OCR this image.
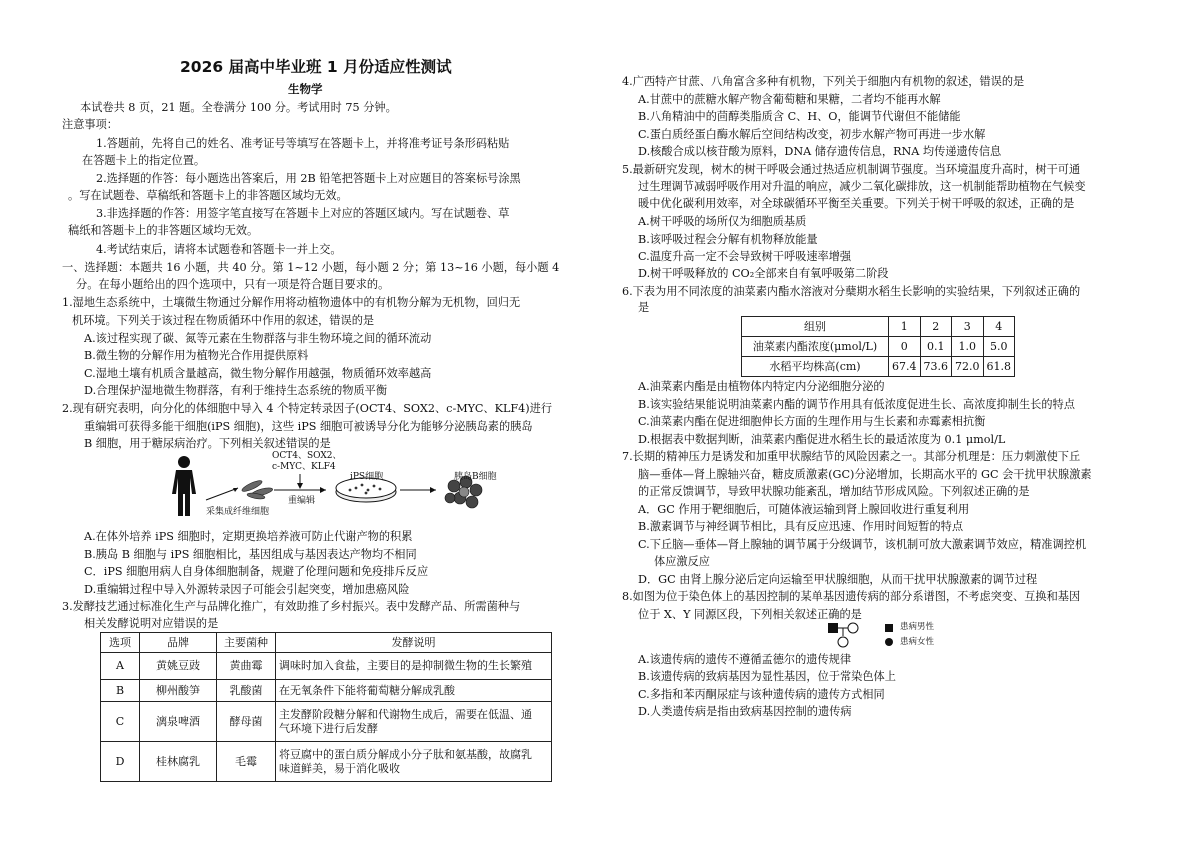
2026 届高中毕业班 1 月份适应性测试
生物学
本试卷共 8 页，21 题。全卷满分 100 分。考试用时 75 分钟。
注意事项：
1.答题前，先将自己的姓名、准考证号等填写在答题卡上，并将准考证号条形码粘贴
在答题卡上的指定位置。
2.选择题的作答：每小题选出答案后，用 2B 铅笔把答题卡上对应题目的答案标号涂黑
。写在试题卷、草稿纸和答题卡上的非答题区域均无效。
3.非选择题的作答：用签字笔直接写在答题卡上对应的答题区域内。写在试题卷、草
稿纸和答题卡上的非答题区域均无效。
4.考试结束后，请将本试题卷和答题卡一并上交。
一、选择题：本题共 16 小题，共 40 分。第 1~12 小题，每小题 2 分；第 13~16 小题，每小题 4
分。在每小题给出的四个选项中，只有一项是符合题目要求的。
1.湿地生态系统中，土壤微生物通过分解作用将动植物遗体中的有机物分解为无机物，回归无
机环境。下列关于该过程在物质循环中作用的叙述，错误的是
A.该过程实现了碳、氮等元素在生物群落与非生物环境之间的循环流动
B.微生物的分解作用为植物光合作用提供原料
C.湿地土壤有机质含量越高，微生物分解作用越强，物质循环效率越高
D.合理保护湿地微生物群落，有利于维持生态系统的物质平衡
2.现有研究表明，向分化的体细胞中导入 4 个特定转录因子(OCT4、SOX2、c-MYC、KLF4)进行
重编辑可获得多能干细胞(iPS 细胞)，这些 iPS 细胞可被诱导分化为能够分泌胰岛素的胰岛
B 细胞，用于糖尿病治疗。下列相关叙述错误的是
OCT4、SOX2、
c-MYC、KLF4
采集成纤维细胞
重编辑
iPS细胞	胰岛B细胞
A.在体外培养 iPS 细胞时，定期更换培养液可防止代谢产物的积累
B.胰岛 B 细胞与 iPS 细胞相比，基因组成与基因表达产物均不相同
C．iPS 细胞用病人自身体细胞制备，规避了伦理问题和免疫排斥反应
D.重编辑过程中导入外源转录因子可能会引起突变，增加患癌风险
3.发酵技艺通过标准化生产与品牌化推广，有效助推了乡村振兴。表中发酵产品、所需菌种与
相关发酵说明对应错误的是
选项	品牌	主要菌种	发酵说明
A	黄姚豆豉	黄曲霉	调味时加入食盐，主要目的是抑制微生物的生长繁殖
B	柳州酸笋	乳酸菌	在无氧条件下能将葡萄糖分解成乳酸
C	漓泉啤酒	酵母菌	主发酵阶段糖分解和代谢物生成后，需要在低温、通
气环境下进行后发酵

D	桂林腐乳	毛霉	将豆腐中的蛋白质分解成小分子肽和氨基酸，故腐乳
味道鲜美，易于消化吸收
4.广西特产甘蔗、八角富含多种有机物，下列关于细胞内有机物的叙述，错误的是
A.甘蔗中的蔗糖水解产物含葡萄糖和果糖，二者均不能再水解
B.八角精油中的茴醇类脂质含 C、H、O，能调节代谢但不能储能
C.蛋白质经蛋白酶水解后空间结构改变，初步水解产物可再进一步水解
D.核酸合成以核苷酸为原料，DNA 储存遗传信息，RNA 均传递遗传信息
5.最新研究发现，树木的树干呼吸会通过热适应机制调节强度。当环境温度升高时，树干可通
过生理调节减弱呼吸作用对升温的响应，减少二氧化碳排放，这一机制能帮助植物在气候变
暖中优化碳利用效率，对全球碳循环平衡至关重要。下列关于树干呼吸的叙述，正确的是
A.树干呼吸的场所仅为细胞质基质
B.该呼吸过程会分解有机物释放能量
C.温度升高一定不会导致树干呼吸速率增强
D.树干呼吸释放的 CO₂全部来自有氧呼吸第二阶段
6.下表为用不同浓度的油菜素内酯水溶液对分蘖期水稻生长影响的实验结果，下列叙述正确的
是
组别	1	2	3	4
油菜素内酯浓度(μmol/L)	0	0.1	1.0	5.0
水稻平均株高(cm)	67.4	73.6	72.0	61.8
A.油菜素内酯是由植物体内特定内分泌细胞分泌的
B.该实验结果能说明油菜素内酯的调节作用具有低浓度促进生长、高浓度抑制生长的特点
C.油菜素内酯在促进细胞伸长方面的生理作用与生长素和赤霉素相抗衡
D.根据表中数据判断，油菜素内酯促进水稻生长的最适浓度为 0.1 μmol/L
7.长期的精神压力是诱发和加重甲状腺结节的风险因素之一。其部分机理是：压力刺激使下丘
脑—垂体—肾上腺轴兴奋，糖皮质激素(GC)分泌增加，长期高水平的 GC 会干扰甲状腺激素
的正常反馈调节，导致甲状腺功能紊乱，增加结节形成风险。下列叙述正确的是
A．GC 作用于靶细胞后，可随体液运输到肾上腺回收进行重复利用
B.激素调节与神经调节相比，具有反应迅速、作用时间短暂的特点
C.下丘脑—垂体—肾上腺轴的调节属于分级调节，该机制可放大激素调节效应，精准调控机
体应激反应
D．GC 由肾上腺分泌后定向运输至甲状腺细胞，从而干扰甲状腺激素的调节过程
8.如图为位于染色体上的基因控制的某单基因遗传病的部分系谱图，不考虑突变、互换和基因
位于 X、Y 同源区段，下列相关叙述正确的是
患病男性
患病女性
A.该遗传病的遗传不遵循孟德尔的遗传规律
B.该遗传病的致病基因为显性基因，位于常染色体上
C.多指和苯丙酮尿症与该种遗传病的遗传方式相同
D.人类遗传病是指由致病基因控制的遗传病
